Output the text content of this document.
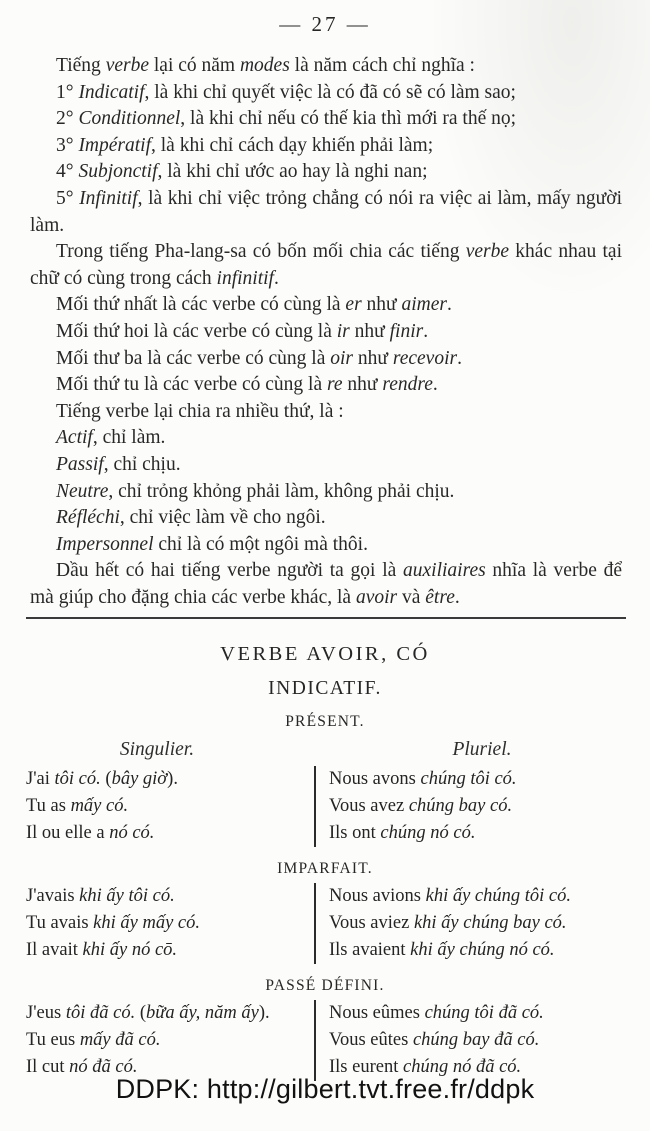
— 27 —

Tiếng verbe lại có năm modes là năm cách chỉ nghĩa :

1° Indicatif, là khi chỉ quyết việc là có đã có sẽ có làm sao;

2° Conditionnel, là khi chỉ nếu có thế kia thì mới ra thế nọ;

3° Impératif, là khi chỉ cách dạy khiến phải làm;

4° Subjonctif, là khi chỉ ước ao hay là nghi nan;

5° Infinitif, là khi chỉ việc trỏng chẳng có nói ra việc ai làm, mấy người làm.

Trong tiếng Pha-lang-sa có bốn mối chia các tiếng verbe khác nhau tại chữ có cùng trong cách infinitif.

Mối thứ nhất là các verbe có cùng là er như aimer.

Mối thứ hoi là các verbe có cùng là ir như finir.

Mối thư ba là các verbe có cùng là oir như recevoir.

Mối thứ tu là các verbe có cùng là re như rendre.

Tiếng verbe lại chia ra nhiều thứ, là :

Actif, chỉ làm.

Passif, chỉ chịu.

Neutre, chỉ trỏng khỏng phải làm, không phải chịu.

Réfléchi, chỉ việc làm về cho ngôi.

Impersonnel chỉ là có một ngôi mà thôi.

Dầu hết có hai tiếng verbe người ta gọi là auxiliaires nhĩa là verbe để mà giúp cho đặng chia các verbe khác, là avoir và être.

VERBE AVOIR, CÓ
INDICATIF.
PRÉSENT.
Singulier.	Pluriel.
J'ai tôi có. (bây giờ).
Tu as mấy có.
Il ou elle a nó có.
Nous avons chúng tôi có.
Vous avez chúng bay có.
Ils ont chúng nó có.
IMPARFAIT.
J'avais khi ấy tôi có.
Tu avais khi ấy mấy có.
Il avait khi ấy nó cō.
Nous avions khi ấy chúng tôi có.
Vous aviez khi ấy chúng bay có.
Ils avaient khi ấy chúng nó có.
PASSÉ DÉFINI.
J'eus tôi đã có. (bữa ấy, năm ấy).
Tu eus mấy đã có.
Il cut nó đã có.
Nous eûmes chúng tôi đã có.
Vous eûtes chúng bay đã có.
Ils eurent chúng nó đã có.
DDPK: http://gilbert.tvt.free.fr/ddpk
